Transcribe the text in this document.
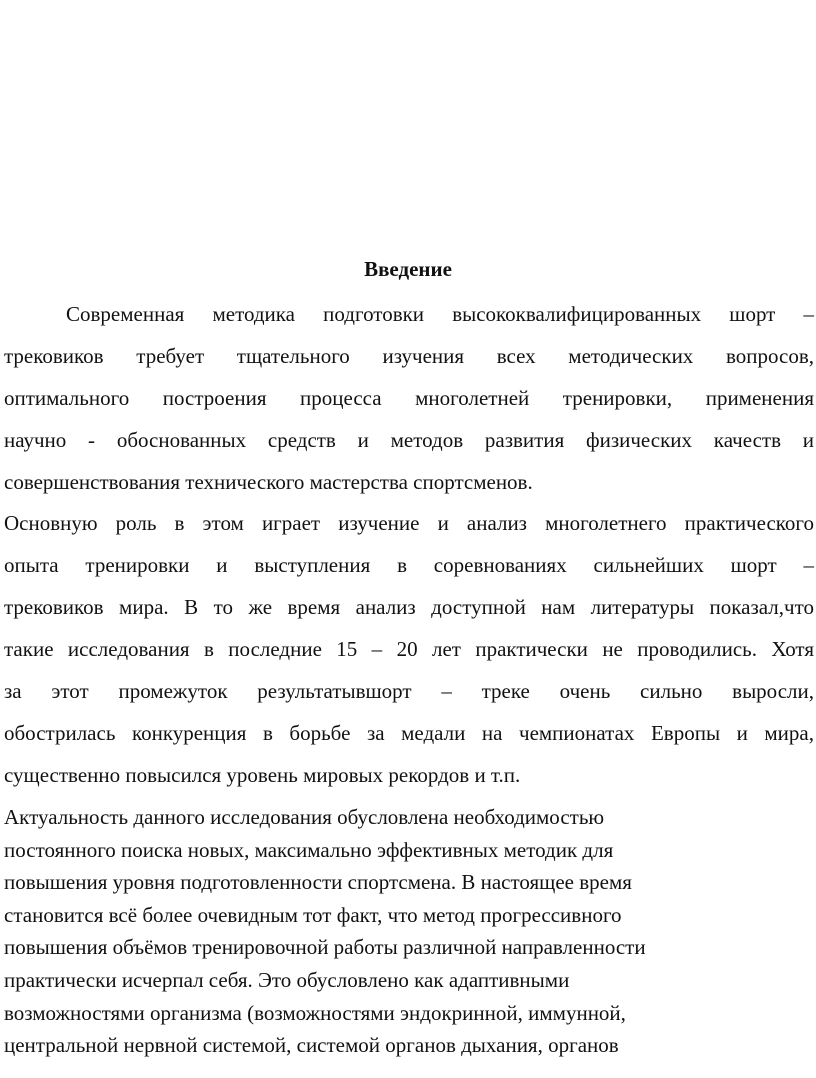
Введение
Современная методика подготовки высококвалифицированных шорт –
трековиков требует тщательного изучения всех методических вопросов,
оптимального построения процесса многолетней тренировки, применения
научно - обоснованных средств и методов развития физических качеств и
совершенствования технического мастерства спортсменов.
Основную роль в этом играет изучение и анализ многолетнего практического
опыта тренировки и выступления в соревнованиях сильнейших шорт –
трековиков мира. В то же время анализ доступной нам литературы показал,что
такие исследования в последние 15 – 20 лет практически не проводились. Хотя
за этот промежуток результатывшорт – треке очень сильно выросли,
обострилась конкуренция в борьбе за медали на чемпионатах Европы и мира,
существенно повысился уровень мировых рекордов и т.п.
Актуальность данного исследования обусловлена необходимостью
постоянного поиска новых, максимально эффективных методик для
повышения уровня подготовленности спортсмена. В настоящее время
становится всё более очевидным тот факт, что метод прогрессивного
повышения объёмов тренировочной работы различной направленности
практически исчерпал себя. Это обусловлено как адаптивными
возможностями организма (возможностями эндокринной, иммунной,
центральной нервной системой, системой органов дыхания, органов
